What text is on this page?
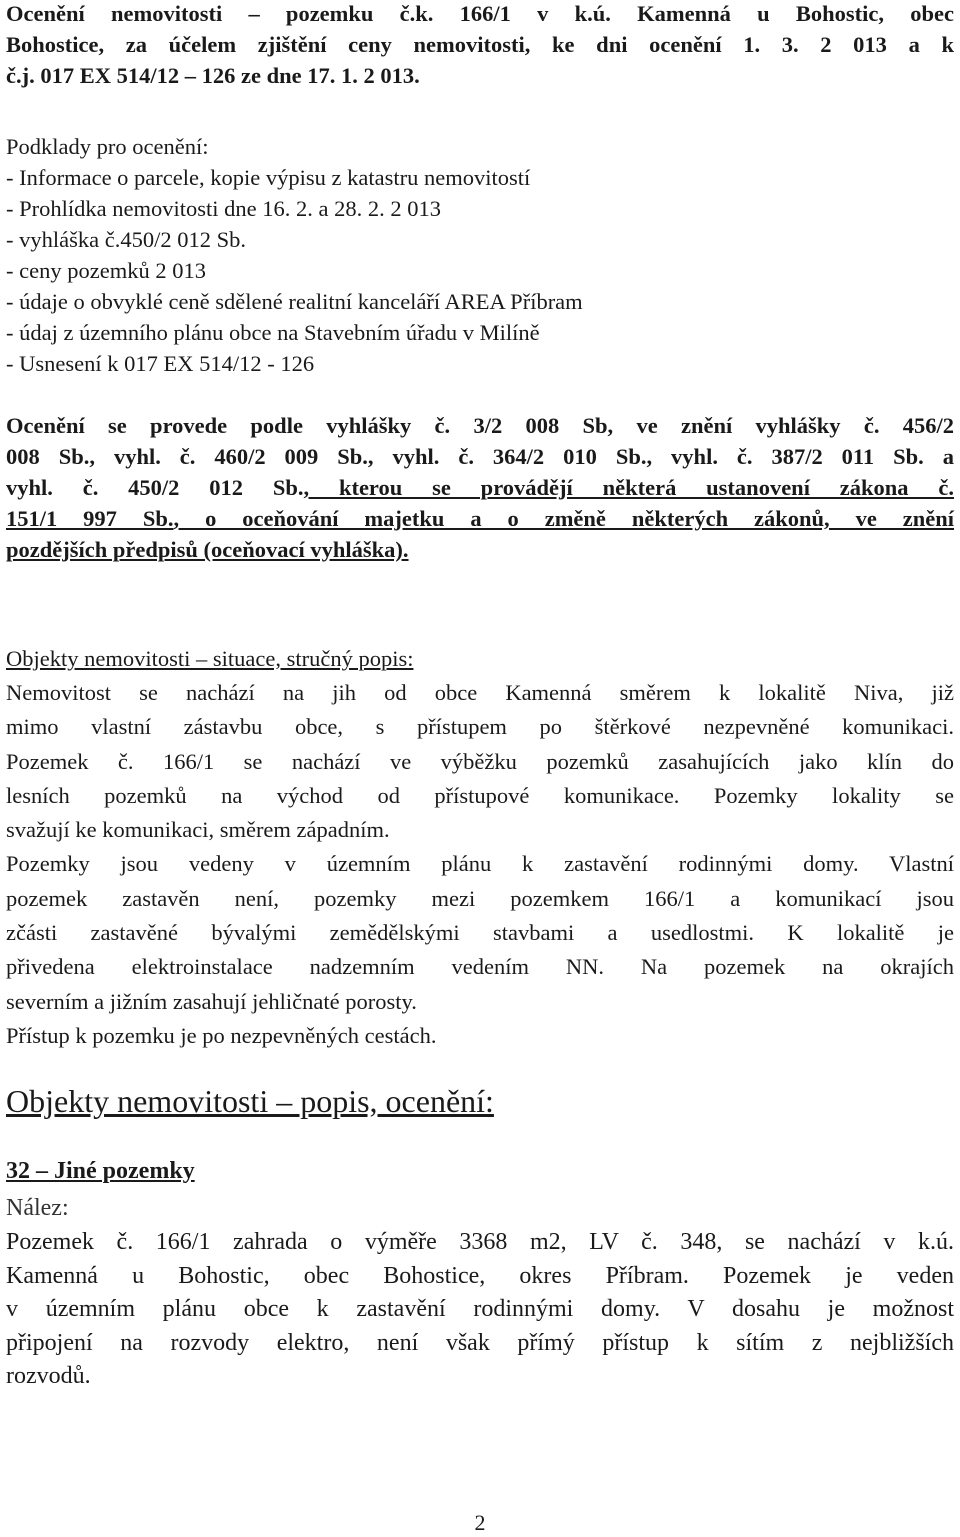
Ocenění nemovitosti – pozemku č.k. 166/1 v k.ú. Kamenná u Bohostic, obec
Bohostice, za účelem zjištění ceny nemovitosti, ke dni ocenění 1. 3. 2 013 a k
č.j. 017 EX 514/12 – 126 ze dne 17. 1. 2 013.
Podklady pro ocenění:
- Informace o parcele, kopie výpisu z katastru nemovitostí
- Prohlídka nemovitosti dne 16. 2. a 28. 2. 2 013
- vyhláška č.450/2 012 Sb.
- ceny pozemků 2 013
- údaje o obvyklé ceně sdělené realitní kanceláří AREA Příbram
- údaj z územního plánu obce na Stavebním úřadu v Milíně
- Usnesení k 017 EX 514/12 - 126
Ocenění se provede podle vyhlášky č. 3/2 008 Sb, ve znění vyhlášky č. 456/2
008 Sb., vyhl. č. 460/2 009 Sb., vyhl. č. 364/2 010 Sb., vyhl. č. 387/2 011 Sb. a
vyhl. č. 450/2 012 Sb., kterou se provádějí některá ustanovení zákona č.
151/1 997 Sb., o oceňování majetku a o změně některých zákonů, ve znění
pozdějších předpisů (oceňovací vyhláška).
Objekty nemovitosti – situace, stručný popis:
Nemovitost se nachází na jih od obce Kamenná směrem k lokalitě Niva, již
mimo vlastní zástavbu obce, s přístupem po štěrkové nezpevněné komunikaci.
Pozemek č. 166/1 se nachází ve výběžku pozemků zasahujících jako klín do
lesních pozemků na východ od přístupové komunikace. Pozemky lokality se
svažují ke komunikaci, směrem západním.
Pozemky jsou vedeny v územním plánu k zastavění rodinnými domy. Vlastní
pozemek zastavěn není, pozemky mezi pozemkem 166/1 a komunikací jsou
zčásti zastavěné bývalými zemědělskými stavbami a usedlostmi. K lokalitě je
přivedena elektroinstalace nadzemním vedením NN. Na pozemek na okrajích
severním a jižním zasahují jehličnaté porosty.
Přístup k pozemku je po nezpevněných cestách.
Objekty nemovitosti – popis, ocenění:
32 – Jiné pozemky
Nález:
Pozemek č. 166/1 zahrada o výměře 3368 m2, LV č. 348, se nachází v k.ú.
Kamenná u Bohostic, obec Bohostice, okres Příbram. Pozemek je veden
v územním plánu obce k zastavění rodinnými domy. V dosahu je možnost
připojení na rozvody elektro, není však přímý přístup k sítím z nejbližších
rozvodů.
2
